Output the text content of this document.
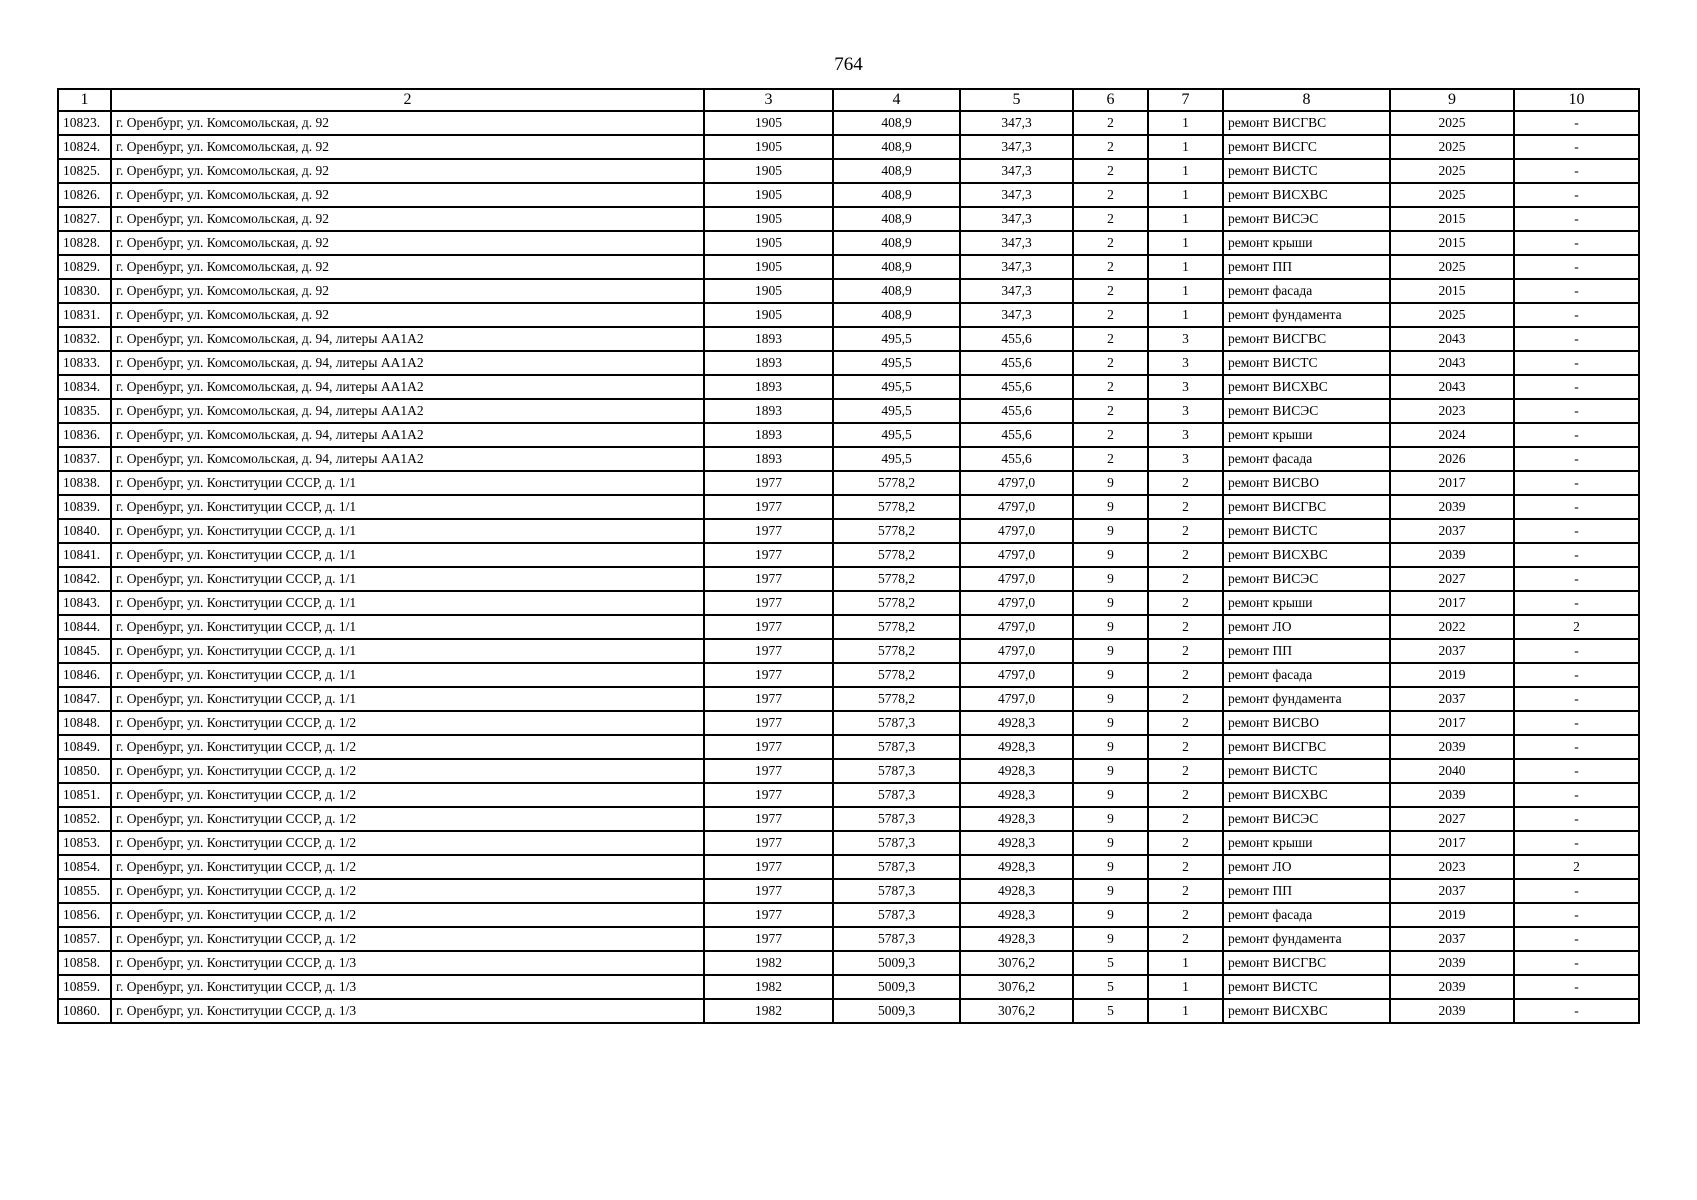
764
1	2	3	4	5	6	7	8	9	10
10823.	г. Оренбург, ул. Комсомольская, д. 92	1905	408,9	347,3	2	1	ремонт ВИСГВС	2025	-
10824.	г. Оренбург, ул. Комсомольская, д. 92	1905	408,9	347,3	2	1	ремонт ВИСГС	2025	-
10825.	г. Оренбург, ул. Комсомольская, д. 92	1905	408,9	347,3	2	1	ремонт ВИСТС	2025	-
10826.	г. Оренбург, ул. Комсомольская, д. 92	1905	408,9	347,3	2	1	ремонт ВИСХВС	2025	-
10827.	г. Оренбург, ул. Комсомольская, д. 92	1905	408,9	347,3	2	1	ремонт ВИСЭС	2015	-
10828.	г. Оренбург, ул. Комсомольская, д. 92	1905	408,9	347,3	2	1	ремонт крыши	2015	-
10829.	г. Оренбург, ул. Комсомольская, д. 92	1905	408,9	347,3	2	1	ремонт ПП	2025	-
10830.	г. Оренбург, ул. Комсомольская, д. 92	1905	408,9	347,3	2	1	ремонт фасада	2015	-
10831.	г. Оренбург, ул. Комсомольская, д. 92	1905	408,9	347,3	2	1	ремонт фундамента	2025	-
10832.	г. Оренбург, ул. Комсомольская, д. 94, литеры АА1А2	1893	495,5	455,6	2	3	ремонт ВИСГВС	2043	-
10833.	г. Оренбург, ул. Комсомольская, д. 94, литеры АА1А2	1893	495,5	455,6	2	3	ремонт ВИСТС	2043	-
10834.	г. Оренбург, ул. Комсомольская, д. 94, литеры АА1А2	1893	495,5	455,6	2	3	ремонт ВИСХВС	2043	-
10835.	г. Оренбург, ул. Комсомольская, д. 94, литеры АА1А2	1893	495,5	455,6	2	3	ремонт ВИСЭС	2023	-
10836.	г. Оренбург, ул. Комсомольская, д. 94, литеры АА1А2	1893	495,5	455,6	2	3	ремонт крыши	2024	-
10837.	г. Оренбург, ул. Комсомольская, д. 94, литеры АА1А2	1893	495,5	455,6	2	3	ремонт фасада	2026	-
10838.	г. Оренбург, ул. Конституции СССР, д. 1/1	1977	5778,2	4797,0	9	2	ремонт ВИСВО	2017	-
10839.	г. Оренбург, ул. Конституции СССР, д. 1/1	1977	5778,2	4797,0	9	2	ремонт ВИСГВС	2039	-
10840.	г. Оренбург, ул. Конституции СССР, д. 1/1	1977	5778,2	4797,0	9	2	ремонт ВИСТС	2037	-
10841.	г. Оренбург, ул. Конституции СССР, д. 1/1	1977	5778,2	4797,0	9	2	ремонт ВИСХВС	2039	-
10842.	г. Оренбург, ул. Конституции СССР, д. 1/1	1977	5778,2	4797,0	9	2	ремонт ВИСЭС	2027	-
10843.	г. Оренбург, ул. Конституции СССР, д. 1/1	1977	5778,2	4797,0	9	2	ремонт крыши	2017	-
10844.	г. Оренбург, ул. Конституции СССР, д. 1/1	1977	5778,2	4797,0	9	2	ремонт ЛО	2022	2
10845.	г. Оренбург, ул. Конституции СССР, д. 1/1	1977	5778,2	4797,0	9	2	ремонт ПП	2037	-
10846.	г. Оренбург, ул. Конституции СССР, д. 1/1	1977	5778,2	4797,0	9	2	ремонт фасада	2019	-
10847.	г. Оренбург, ул. Конституции СССР, д. 1/1	1977	5778,2	4797,0	9	2	ремонт фундамента	2037	-
10848.	г. Оренбург, ул. Конституции СССР, д. 1/2	1977	5787,3	4928,3	9	2	ремонт ВИСВО	2017	-
10849.	г. Оренбург, ул. Конституции СССР, д. 1/2	1977	5787,3	4928,3	9	2	ремонт ВИСГВС	2039	-
10850.	г. Оренбург, ул. Конституции СССР, д. 1/2	1977	5787,3	4928,3	9	2	ремонт ВИСТС	2040	-
10851.	г. Оренбург, ул. Конституции СССР, д. 1/2	1977	5787,3	4928,3	9	2	ремонт ВИСХВС	2039	-
10852.	г. Оренбург, ул. Конституции СССР, д. 1/2	1977	5787,3	4928,3	9	2	ремонт ВИСЭС	2027	-
10853.	г. Оренбург, ул. Конституции СССР, д. 1/2	1977	5787,3	4928,3	9	2	ремонт крыши	2017	-
10854.	г. Оренбург, ул. Конституции СССР, д. 1/2	1977	5787,3	4928,3	9	2	ремонт ЛО	2023	2
10855.	г. Оренбург, ул. Конституции СССР, д. 1/2	1977	5787,3	4928,3	9	2	ремонт ПП	2037	-
10856.	г. Оренбург, ул. Конституции СССР, д. 1/2	1977	5787,3	4928,3	9	2	ремонт фасада	2019	-
10857.	г. Оренбург, ул. Конституции СССР, д. 1/2	1977	5787,3	4928,3	9	2	ремонт фундамента	2037	-
10858.	г. Оренбург, ул. Конституции СССР, д. 1/3	1982	5009,3	3076,2	5	1	ремонт ВИСГВС	2039	-
10859.	г. Оренбург, ул. Конституции СССР, д. 1/3	1982	5009,3	3076,2	5	1	ремонт ВИСТС	2039	-
10860.	г. Оренбург, ул. Конституции СССР, д. 1/3	1982	5009,3	3076,2	5	1	ремонт ВИСХВС	2039	-
